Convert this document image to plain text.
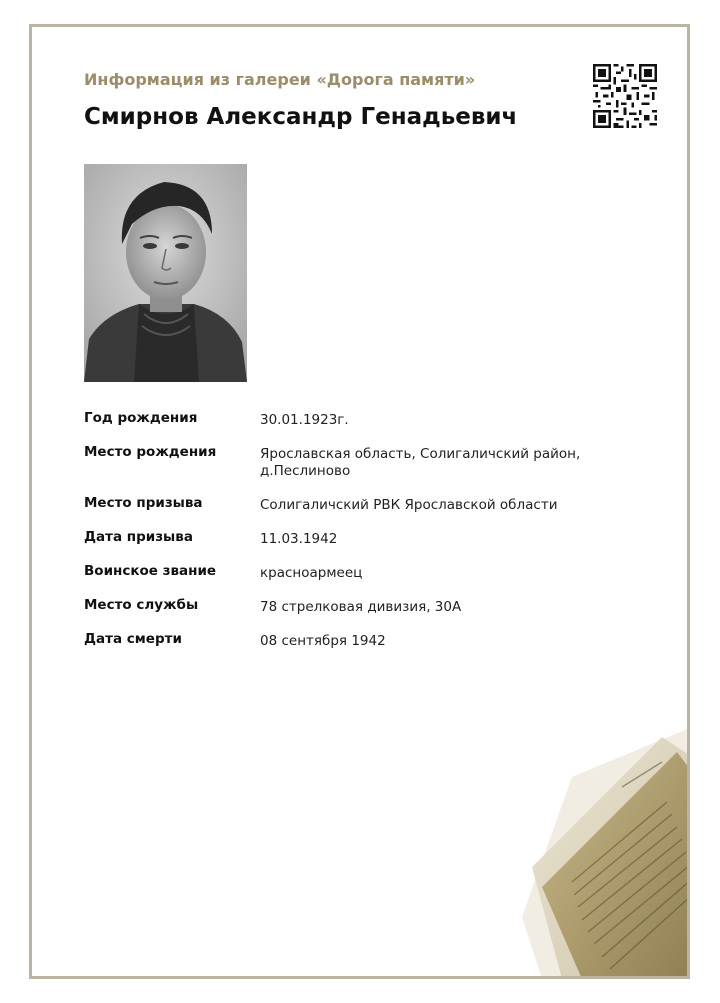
Информация из галереи «Дорога памяти»
Смирнов Александр Генадьевич
Год рождения	30.01.1923г.
Место рождения	Ярославская область, Солигаличский район, д.Песлиново
Место призыва	Солигаличский РВК Ярославской области
Дата призыва	11.03.1942
Воинское звание	красноармеец
Место службы	78 стрелковая дивизия, 30А
Дата смерти	08 сентября 1942
